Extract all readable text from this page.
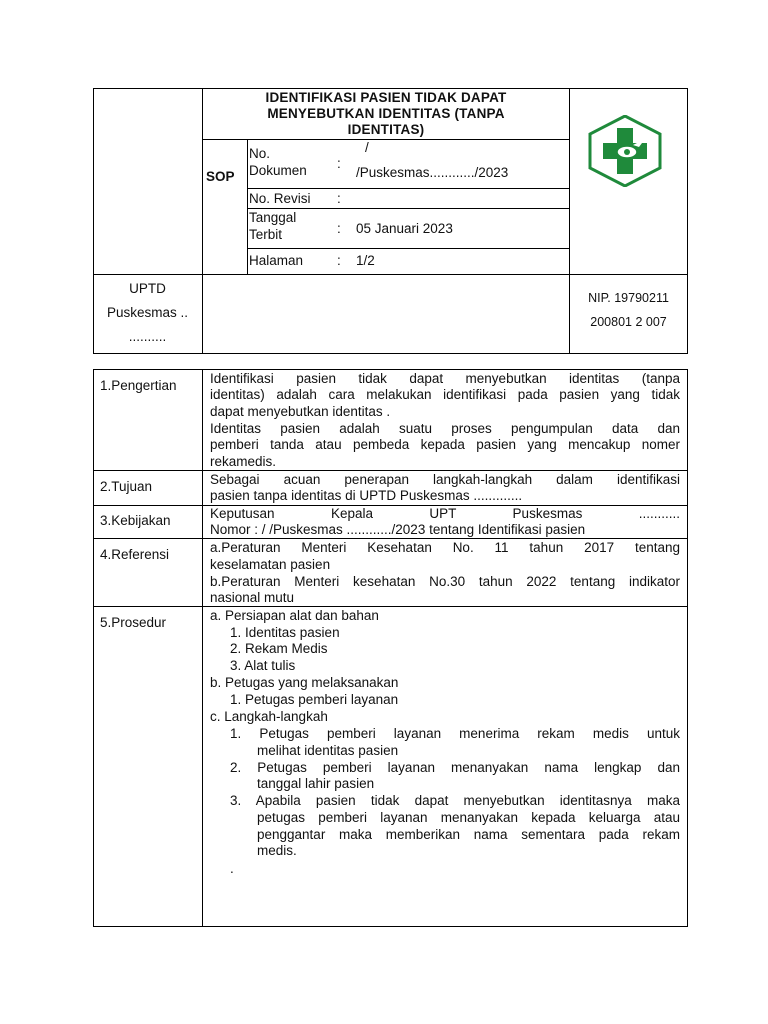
IDENTIFIKASI PASIEN TIDAK DAPAT
MENYEBUTKAN IDENTITAS (TANPA
IDENTITAS)
SOP
No.
Dokumen :
/
/Puskesmas............/2023
No. Revisi :
Tanggal
Terbit	: 05 Januari 2023
Halaman	: 1/2
UPTD
Puskesmas ..
..........
NIP. 19790211
200801 2 007
1.Pengertian Identifikasi pasien tidak dapat menyebutkan identitas (tanpa
identitas) adalah cara melakukan identifikasi pada pasien yang tidak
dapat menyebutkan identitas .
Identitas pasien adalah suatu proses pengumpulan data dan
pemberi tanda atau pembeda kepada pasien yang mencakup nomer
rekamedis.
2.Tujuan	Sebagai acuan penerapan langkah-langkah dalam identifikasi
pasien tanpa identitas di UPTD Puskesmas .............
3.Kebijakan	Keputusan Kepala UPT Puskesmas ...........
Nomor : / /Puskesmas ............/2023 tentang Identifikasi pasien
4.Referensi	a.Peraturan Menteri Kesehatan No. 11 tahun 2017 tentang
keselamatan pasien
b.Peraturan Menteri kesehatan No.30 tahun 2022 tentang indikator
nasional mutu
5.Prosedur	a. Persiapan alat dan bahan
1. Identitas pasien
2. Rekam Medis
3. Alat tulis
b. Petugas yang melaksanakan
1. Petugas pemberi layanan
c. Langkah-langkah
1. Petugas pemberi layanan menerima rekam medis untuk
melihat identitas pasien
2. Petugas pemberi layanan menanyakan nama lengkap dan
tanggal lahir pasien
3. Apabila pasien tidak dapat menyebutkan identitasnya maka
petugas pemberi layanan menanyakan kepada keluarga atau
penggantar maka memberikan nama sementara pada rekam
medis.
.
